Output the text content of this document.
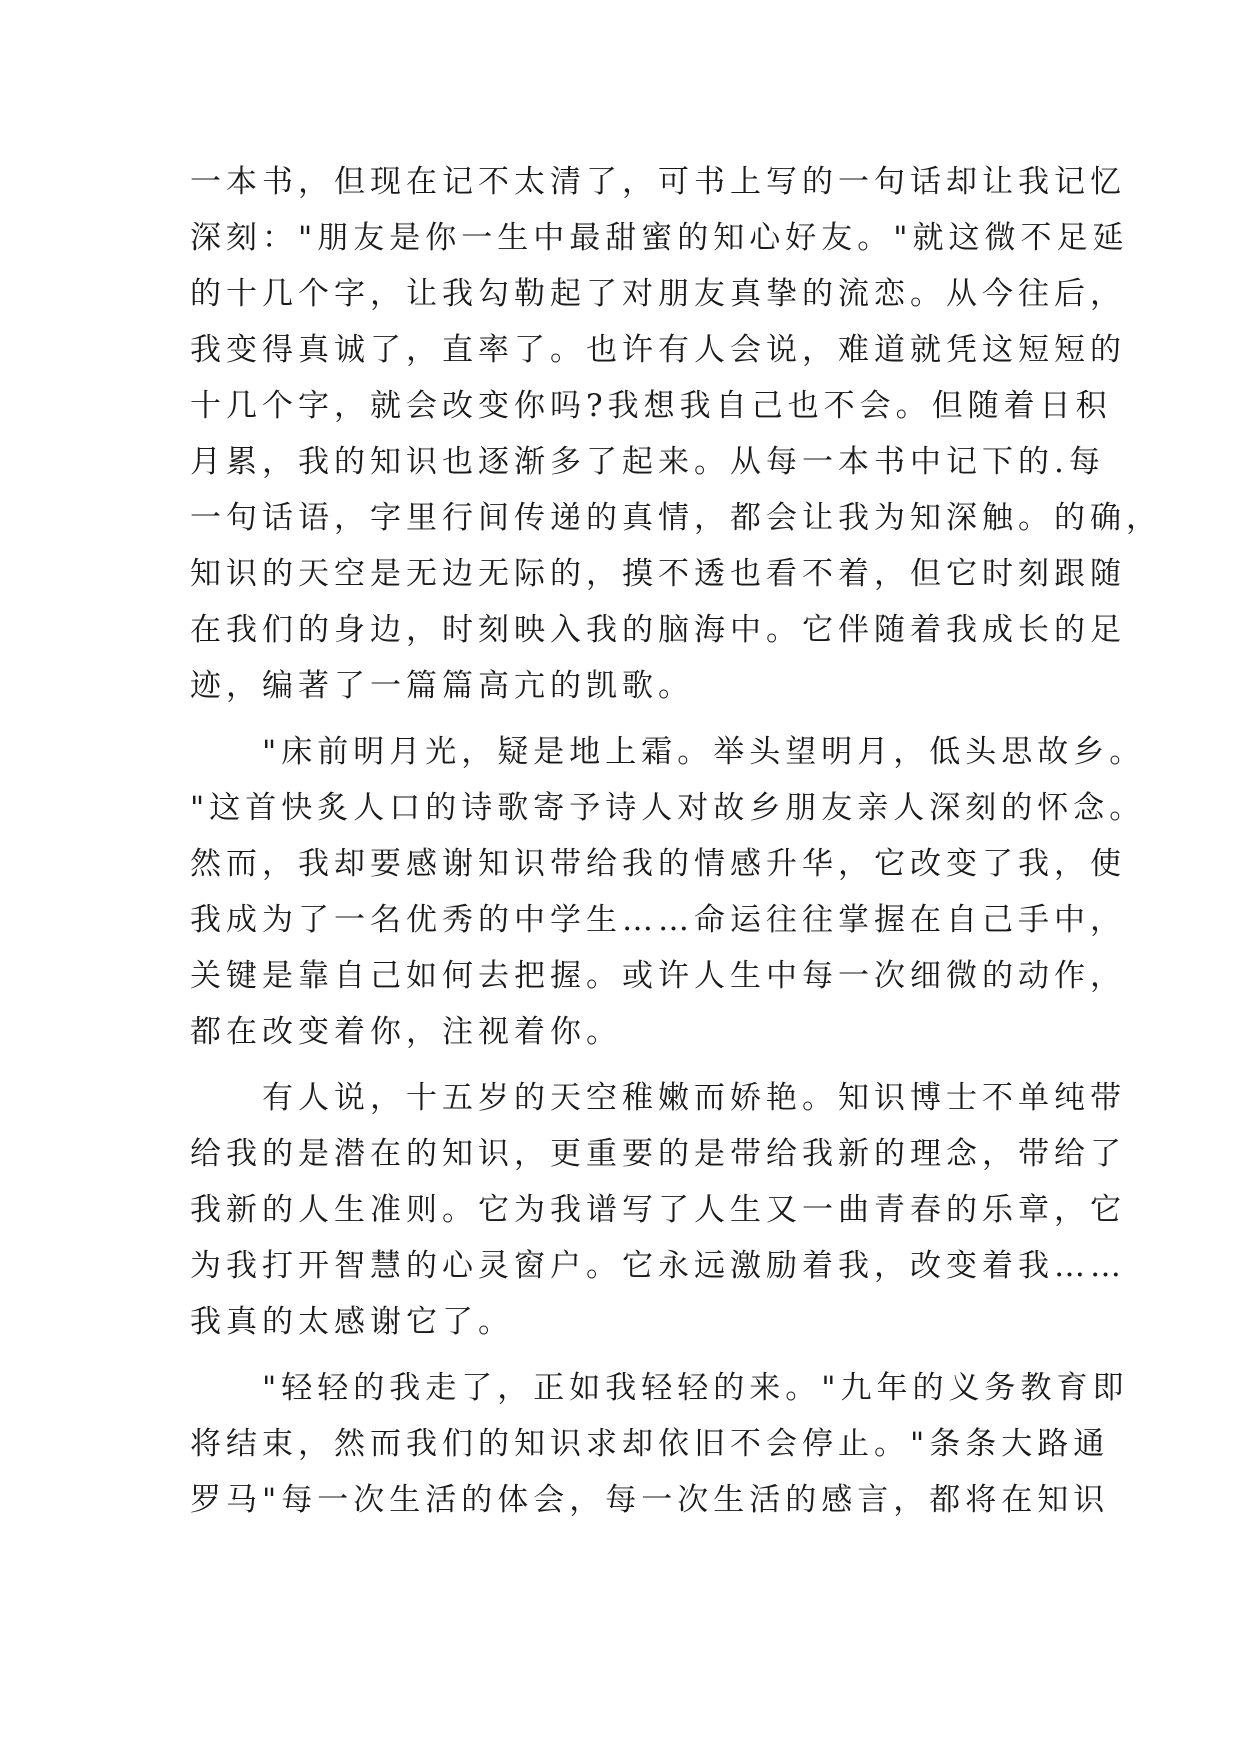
一本书，但现在记不太清了，可书上写的一句话却让我记忆
深刻："朋友是你一生中最甜蜜的知心好友。"就这微不足延
的十几个字，让我勾勒起了对朋友真挚的流恋。从今往后，
我变得真诚了，直率了。也许有人会说，难道就凭这短短的
十几个字，就会改变你吗?我想我自己也不会。但随着日积
月累，我的知识也逐渐多了起来。从每一本书中记下的.每
一句话语，字里行间传递的真情，都会让我为知深触。的确，
知识的天空是无边无际的，摸不透也看不着，但它时刻跟随
在我们的身边，时刻映入我的脑海中。它伴随着我成长的足
迹，编著了一篇篇高亢的凯歌。

"床前明月光，疑是地上霜。举头望明月，低头思故乡。
"这首快炙人口的诗歌寄予诗人对故乡朋友亲人深刻的怀念。
然而，我却要感谢知识带给我的情感升华，它改变了我，使
我成为了一名优秀的中学生……命运往往掌握在自己手中，
关键是靠自己如何去把握。或许人生中每一次细微的动作，
都在改变着你，注视着你。

有人说，十五岁的天空稚嫩而娇艳。知识博士不单纯带
给我的是潜在的知识，更重要的是带给我新的理念，带给了
我新的人生准则。它为我谱写了人生又一曲青春的乐章，它
为我打开智慧的心灵窗户。它永远激励着我，改变着我……
我真的太感谢它了。

"轻轻的我走了，正如我轻轻的来。"九年的义务教育即
将结束，然而我们的知识求却依旧不会停止。"条条大路通
罗马"每一次生活的体会，每一次生活的感言，都将在知识
